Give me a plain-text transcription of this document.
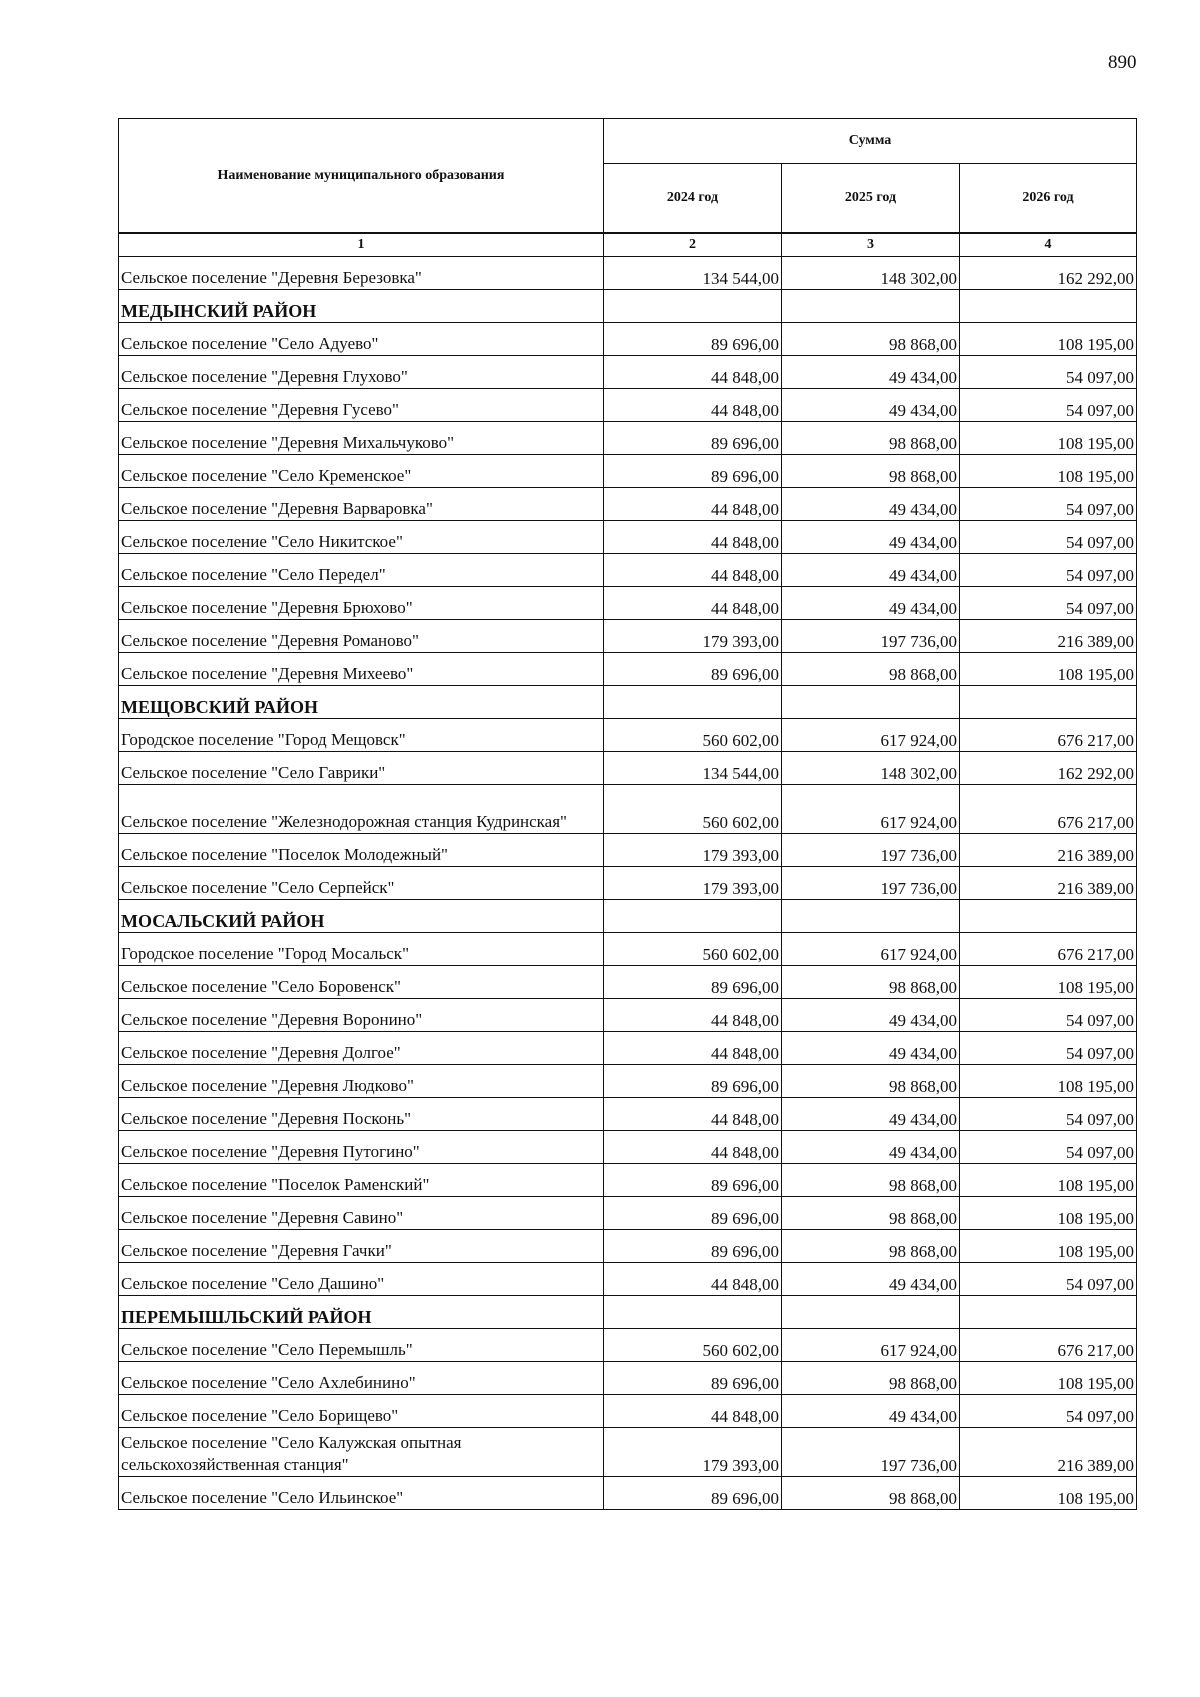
890
Наименование муниципального образования	Сумма		
	2024 год	2025 год	2026 год
1	2	3	4
Сельское поселение "Деревня Березовка"	134 544,00	148 302,00	162 292,00
МЕДЫНСКИЙ РАЙОН			
Сельское поселение "Село Адуево"	89 696,00	98 868,00	108 195,00
Сельское поселение "Деревня Глухово"	44 848,00	49 434,00	54 097,00
Сельское поселение "Деревня Гусево"	44 848,00	49 434,00	54 097,00
Сельское поселение "Деревня Михальчуково"	89 696,00	98 868,00	108 195,00
Сельское поселение "Село Кременское"	89 696,00	98 868,00	108 195,00
Сельское поселение "Деревня Варваровка"	44 848,00	49 434,00	54 097,00
Сельское поселение "Село Никитское"	44 848,00	49 434,00	54 097,00
Сельское поселение "Село Передел"	44 848,00	49 434,00	54 097,00
Сельское поселение "Деревня Брюхово"	44 848,00	49 434,00	54 097,00
Сельское поселение "Деревня Романово"	179 393,00	197 736,00	216 389,00
Сельское поселение "Деревня Михеево"	89 696,00	98 868,00	108 195,00
МЕЩОВСКИЙ РАЙОН			
Городское поселение "Город Мещовск"	560 602,00	617 924,00	676 217,00
Сельское поселение "Село Гаврики"	134 544,00	148 302,00	162 292,00
Сельское поселение "Железнодорожная станция Кудринская"	560 602,00	617 924,00	676 217,00
Сельское поселение "Поселок Молодежный"	179 393,00	197 736,00	216 389,00
Сельское поселение "Село Серпейск"	179 393,00	197 736,00	216 389,00
МОСАЛЬСКИЙ РАЙОН			
Городское поселение "Город Мосальск"	560 602,00	617 924,00	676 217,00
Сельское поселение "Село Боровенск"	89 696,00	98 868,00	108 195,00
Сельское поселение "Деревня Воронино"	44 848,00	49 434,00	54 097,00
Сельское поселение "Деревня Долгое"	44 848,00	49 434,00	54 097,00
Сельское поселение "Деревня Людково"	89 696,00	98 868,00	108 195,00
Сельское поселение "Деревня Посконь"	44 848,00	49 434,00	54 097,00
Сельское поселение "Деревня Путогино"	44 848,00	49 434,00	54 097,00
Сельское поселение "Поселок Раменский"	89 696,00	98 868,00	108 195,00
Сельское поселение "Деревня Савино"	89 696,00	98 868,00	108 195,00
Сельское поселение "Деревня Гачки"	89 696,00	98 868,00	108 195,00
Сельское поселение "Село Дашино"	44 848,00	49 434,00	54 097,00
ПЕРЕМЫШЛЬСКИЙ РАЙОН			
Сельское поселение "Село Перемышль"	560 602,00	617 924,00	676 217,00
Сельское поселение "Село Ахлебинино"	89 696,00	98 868,00	108 195,00
Сельское поселение "Село Борищево"	44 848,00	49 434,00	54 097,00
Сельское поселение "Село Калужская опытная сельскохозяйственная станция"	179 393,00	197 736,00	216 389,00
Сельское поселение "Село Ильинское"	89 696,00	98 868,00	108 195,00
